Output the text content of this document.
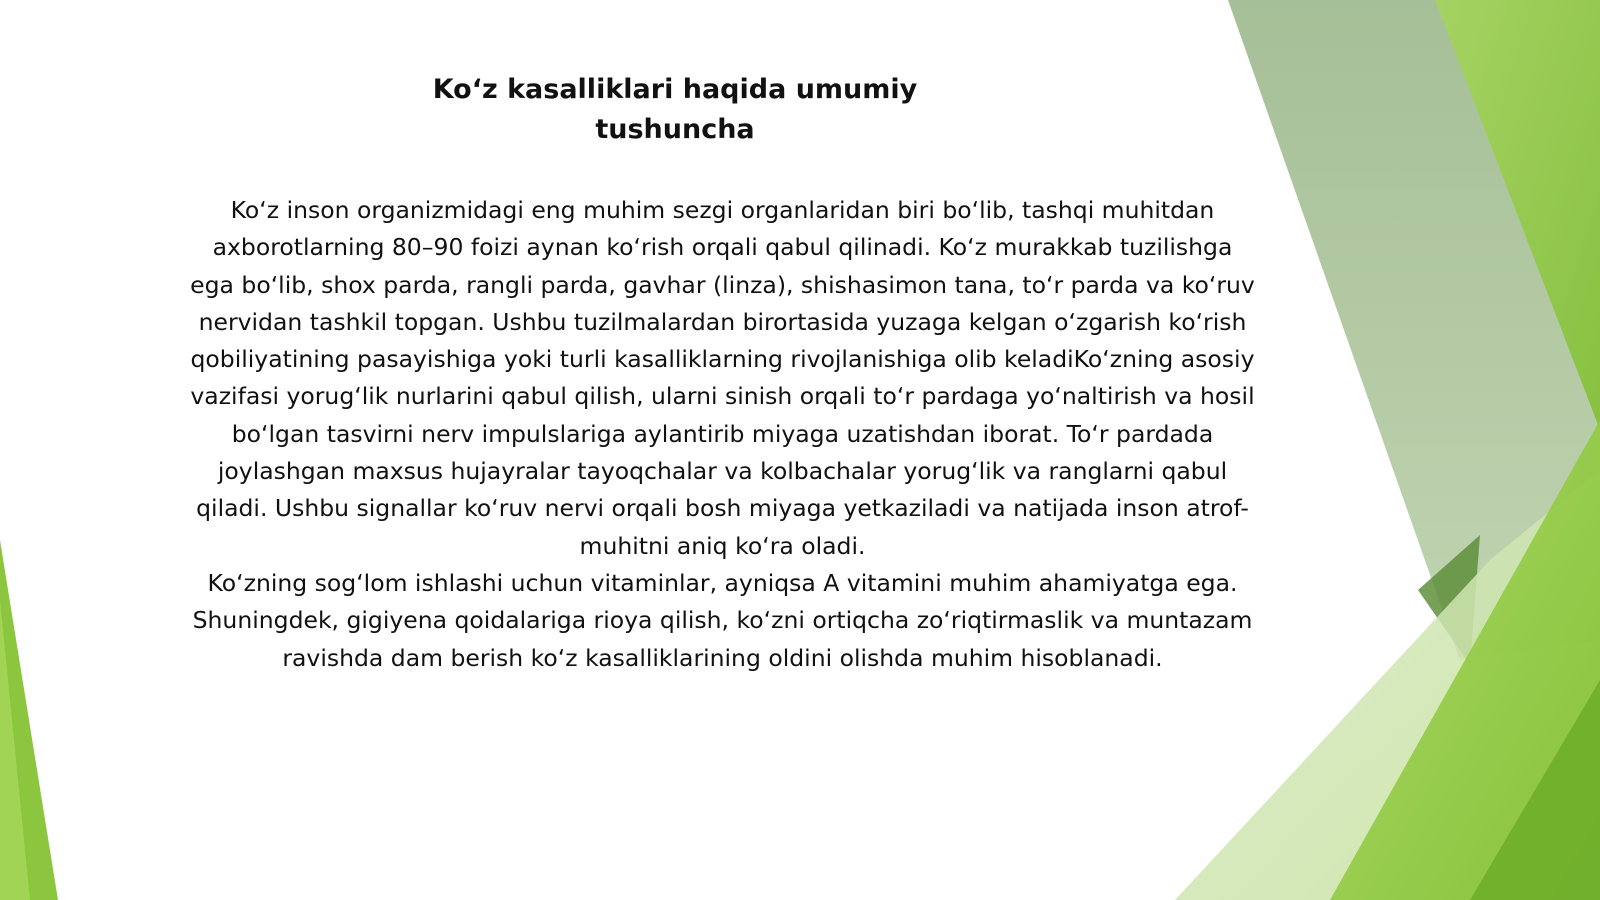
Ko‘z kasalliklari haqida umumiy
tushuncha

Ko‘z inson organizmidagi eng muhim sezgi organlaridan biri bo‘lib, tashqi muhitdan axborotlarning 80–90 foizi aynan ko‘rish orqali qabul qilinadi. Ko‘z murakkab tuzilishga ega bo‘lib, shox parda, rangli parda, gavhar (linza), shishasimon tana, to‘r parda va ko‘ruv nervidan tashkil topgan. Ushbu tuzilmalardan birortasida yuzaga kelgan o‘zgarish ko‘rish qobiliyatining pasayishiga yoki turli kasalliklarning rivojlanishiga olib keladiKo‘zning asosiy vazifasi yorug‘lik nurlarini qabul qilish, ularni sinish orqali to‘r pardaga yo‘naltirish va hosil bo‘lgan tasvirni nerv impulslariga aylantirib miyaga uzatishdan iborat. To‘r pardada joylashgan maxsus hujayralar tayoqchalar va kolbachalar yorug‘lik va ranglarni qabul qiladi. Ushbu signallar ko‘ruv nervi orqali bosh miyaga yetkaziladi va natijada inson atrof-muhitni aniq ko‘ra oladi.

Ko‘zning sog‘lom ishlashi uchun vitaminlar, ayniqsa A vitamini muhim ahamiyatga ega. Shuningdek, gigiyena qoidalariga rioya qilish, ko‘zni ortiqcha zo‘riqtirmaslik va muntazam ravishda dam berish ko‘z kasalliklarining oldini olishda muhim hisoblanadi.
